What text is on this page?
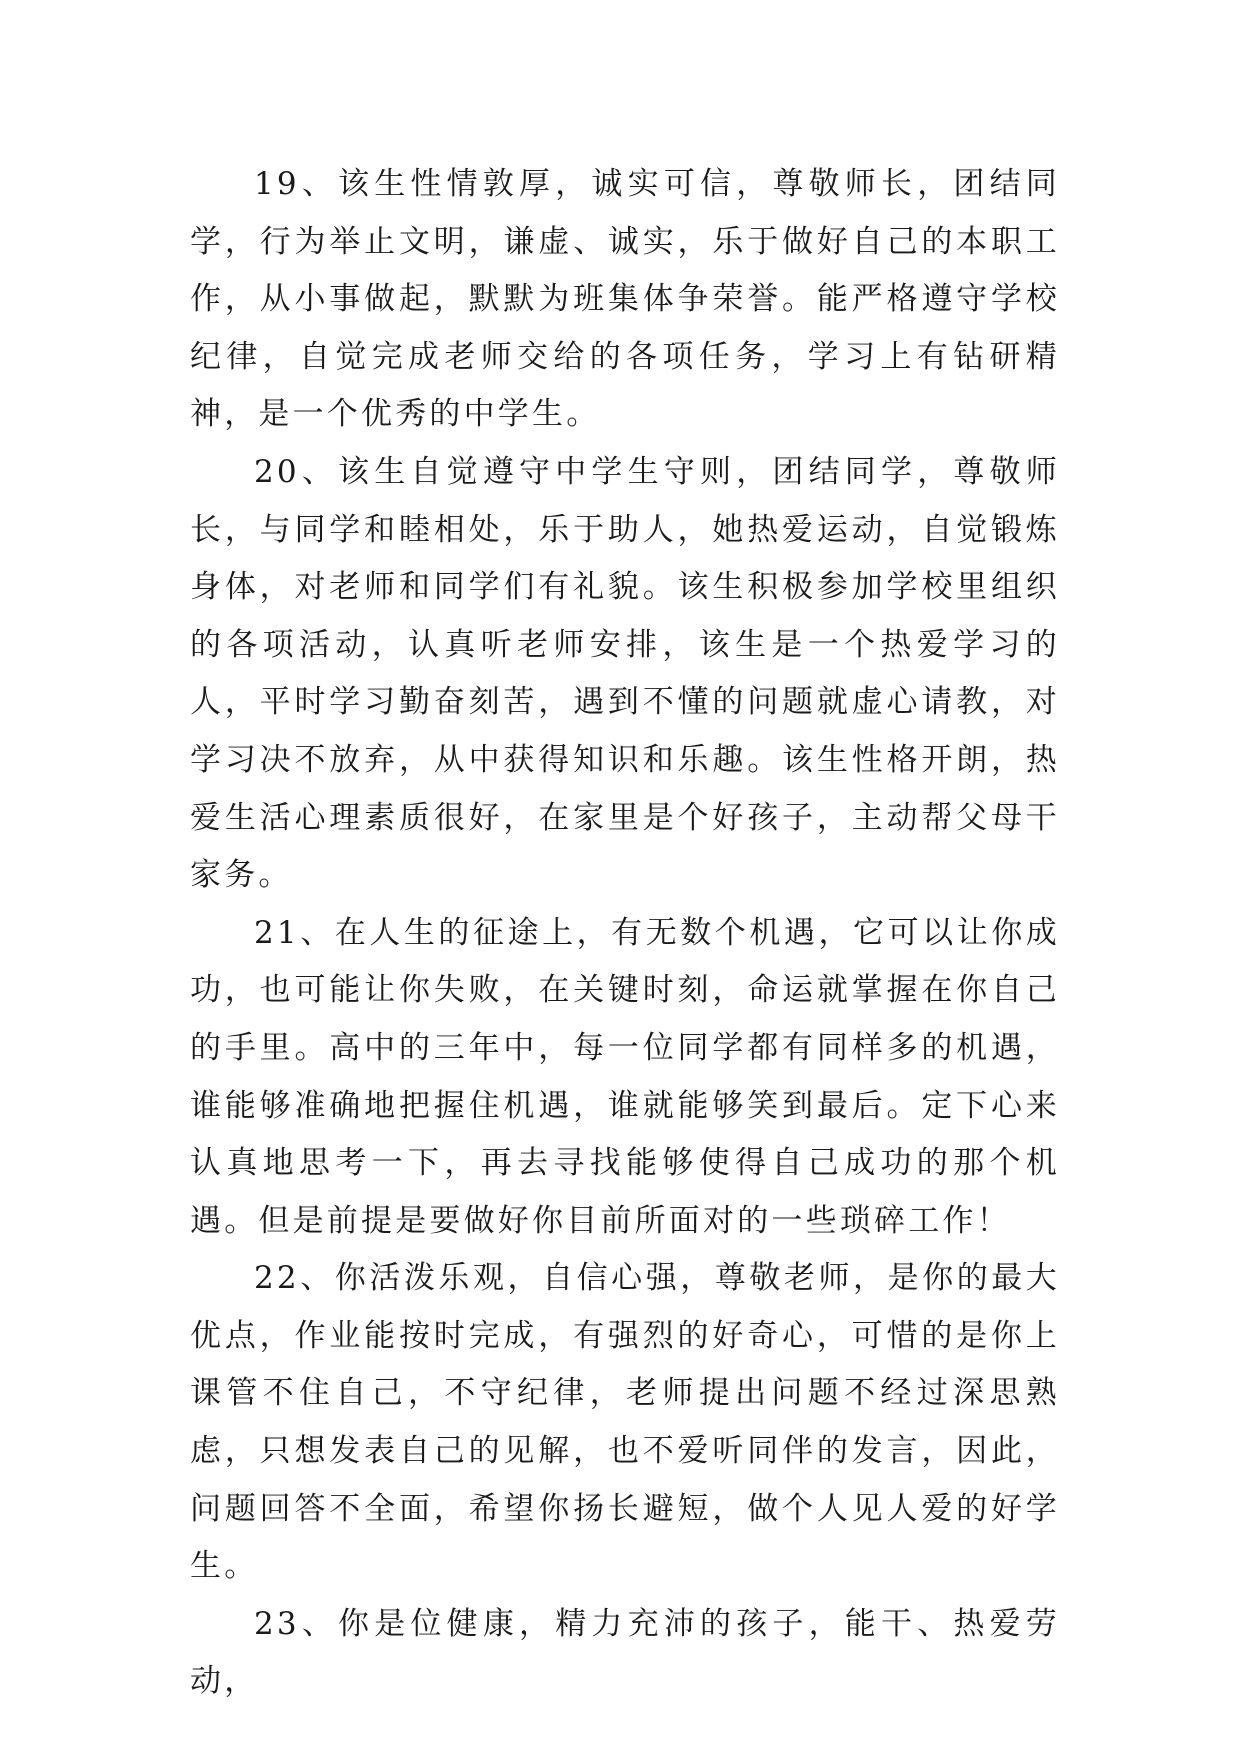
19、该生性情敦厚，诚实可信，尊敬师长，团结同学，行为举止文明，谦虚、诚实，乐于做好自己的本职工作，从小事做起，默默为班集体争荣誉。能严格遵守学校纪律，自觉完成老师交给的各项任务，学习上有钻研精神，是一个优秀的中学生。

20、该生自觉遵守中学生守则，团结同学，尊敬师长，与同学和睦相处，乐于助人，她热爱运动，自觉锻炼身体，对老师和同学们有礼貌。该生积极参加学校里组织的各项活动，认真听老师安排，该生是一个热爱学习的人，平时学习勤奋刻苦，遇到不懂的问题就虚心请教，对学习决不放弃，从中获得知识和乐趣。该生性格开朗，热爱生活心理素质很好，在家里是个好孩子，主动帮父母干家务。

21、在人生的征途上，有无数个机遇，它可以让你成功，也可能让你失败，在关键时刻，命运就掌握在你自己的手里。高中的三年中，每一位同学都有同样多的机遇，谁能够准确地把握住机遇，谁就能够笑到最后。定下心来认真地思考一下，再去寻找能够使得自己成功的那个机遇。但是前提是要做好你目前所面对的一些琐碎工作！

22、你活泼乐观，自信心强，尊敬老师，是你的最大优点，作业能按时完成，有强烈的好奇心，可惜的是你上课管不住自己，不守纪律，老师提出问题不经过深思熟虑，只想发表自己的见解，也不爱听同伴的发言，因此，问题回答不全面，希望你扬长避短，做个人见人爱的好学生。

23、你是位健康，精力充沛的孩子，能干、热爱劳动，
